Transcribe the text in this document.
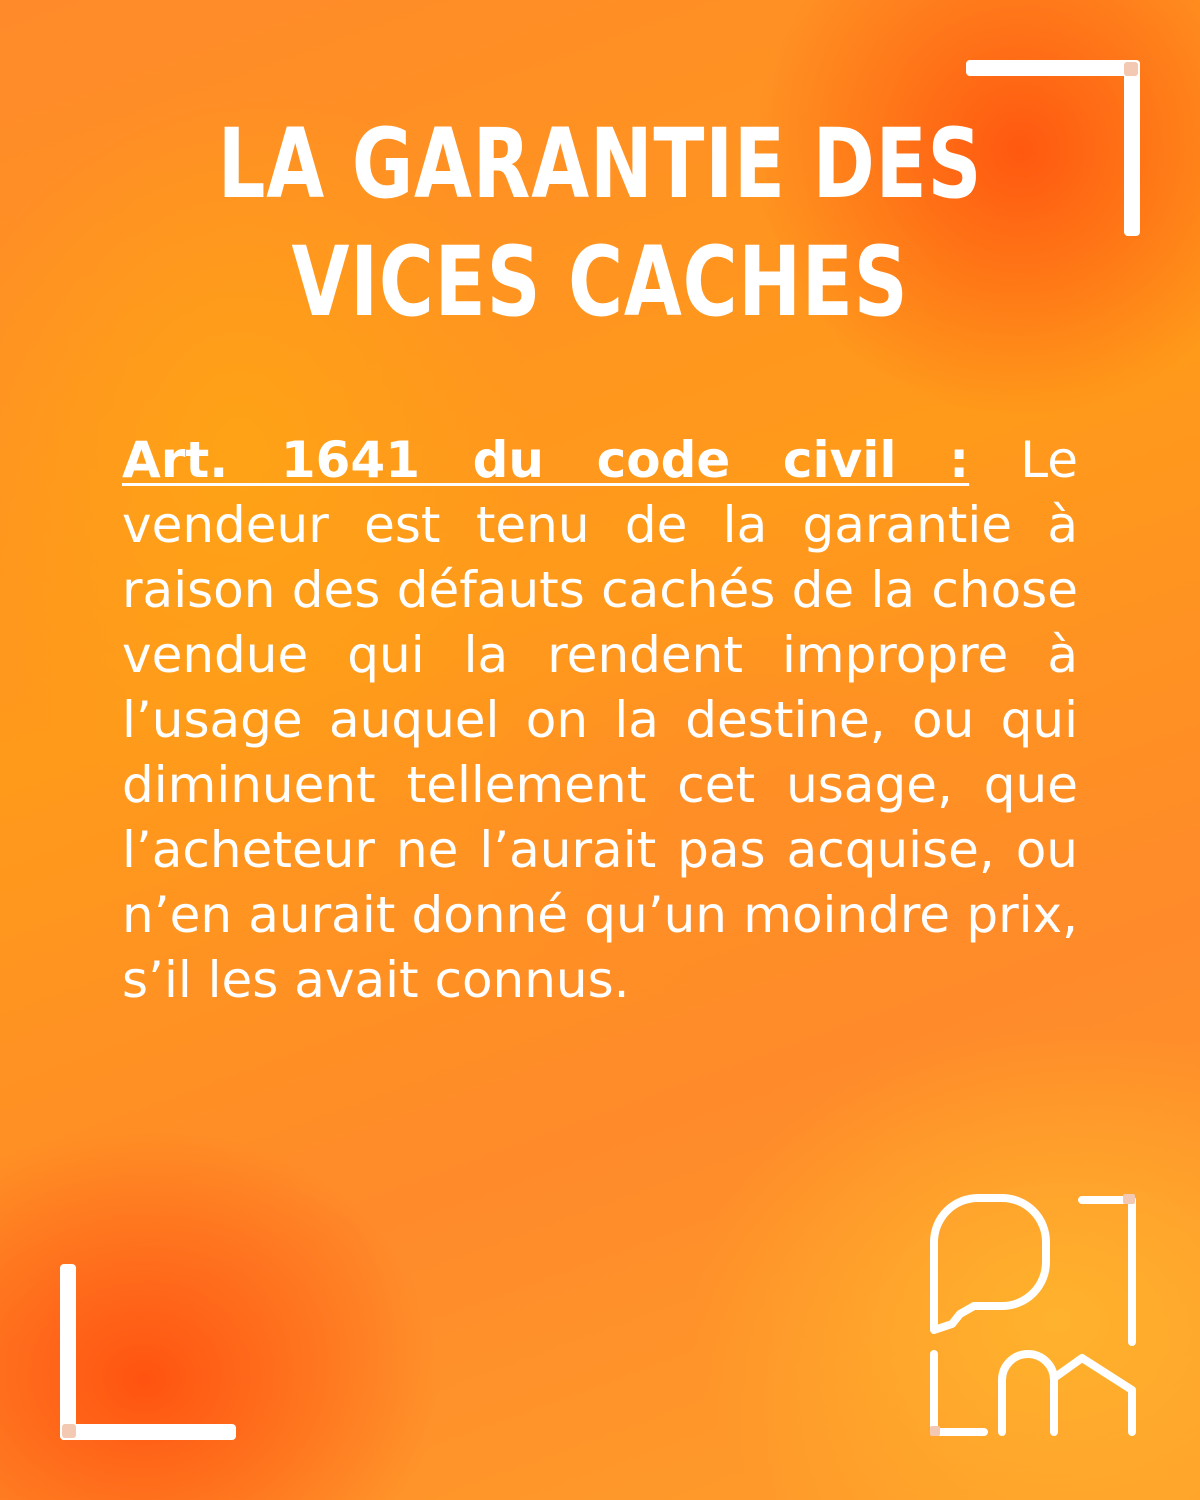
LA GARANTIE DES VICES CACHES

Art. 1641 du code civil : Le vendeur est tenu de la garantie à raison des défauts cachés de la chose vendue qui la rendent impropre à l’usage auquel on la destine, ou qui diminuent tellement cet usage, que l’acheteur ne l’aurait pas acquise, ou n’en aurait donné qu’un moindre prix, s’il les avait connus.
